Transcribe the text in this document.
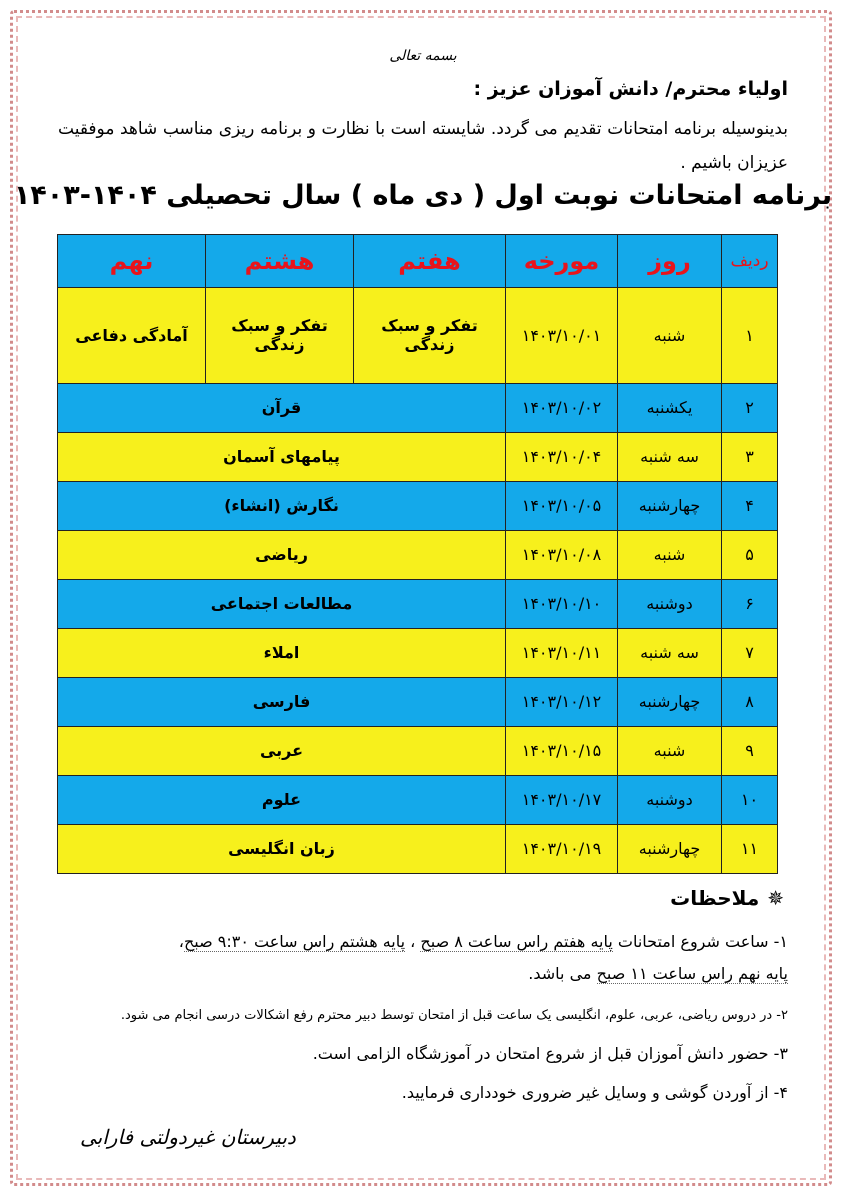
بسمه تعالی
اولیاء محترم/ دانش آموزان عزیز :
بدینوسیله برنامه امتحانات تقدیم می گردد. شایسته است با نظارت و برنامه ریزی مناسب شاهد موفقیت عزیزان باشیم .
برنامه امتحانات نوبت اول ( دی ماه ) سال تحصیلی ۱۴۰۴-۱۴۰۳
ردیف	روز	مورخه	هفتم	هشتم	نهم
۱	شنبه	۱۴۰۳/۱۰/۰۱	تفکر و سبک زندگی	تفکر و سبک زندگی	آمادگی دفاعی
۲	یکشنبه	۱۴۰۳/۱۰/۰۲	قرآن		
۳	سه شنبه	۱۴۰۳/۱۰/۰۴	پیامهای آسمان		
۴	چهارشنبه	۱۴۰۳/۱۰/۰۵	نگارش (انشاء)		
۵	شنبه	۱۴۰۳/۱۰/۰۸	ریاضی		
۶	دوشنبه	۱۴۰۳/۱۰/۱۰	مطالعات اجتماعی		
۷	سه شنبه	۱۴۰۳/۱۰/۱۱	املاء		
۸	چهارشنبه	۱۴۰۳/۱۰/۱۲	فارسی		
۹	شنبه	۱۴۰۳/۱۰/۱۵	عربی		
۱۰	دوشنبه	۱۴۰۳/۱۰/۱۷	علوم		
۱۱	چهارشنبه	۱۴۰۳/۱۰/۱۹	زبان انگلیسی		
✵ملاحظات
۱- ساعت شروع امتحانات پایه هفتم راس ساعت ۸ صبح ، پایه هشتم راس ساعت ۹:۳۰ صبح،
پایه نهم راس ساعت ۱۱ صبح می باشد.
۲- در دروس ریاضی، عربی، علوم، انگلیسی یک ساعت قبل از امتحان توسط دبیر محترم رفع اشکالات درسی انجام می شود.
۳- حضور دانش آموزان قبل از شروع امتحان در آموزشگاه الزامی است.
۴- از آوردن گوشی و وسایل غیر ضروری خودداری فرمایید.
دبیرستان غیردولتی فارابی
